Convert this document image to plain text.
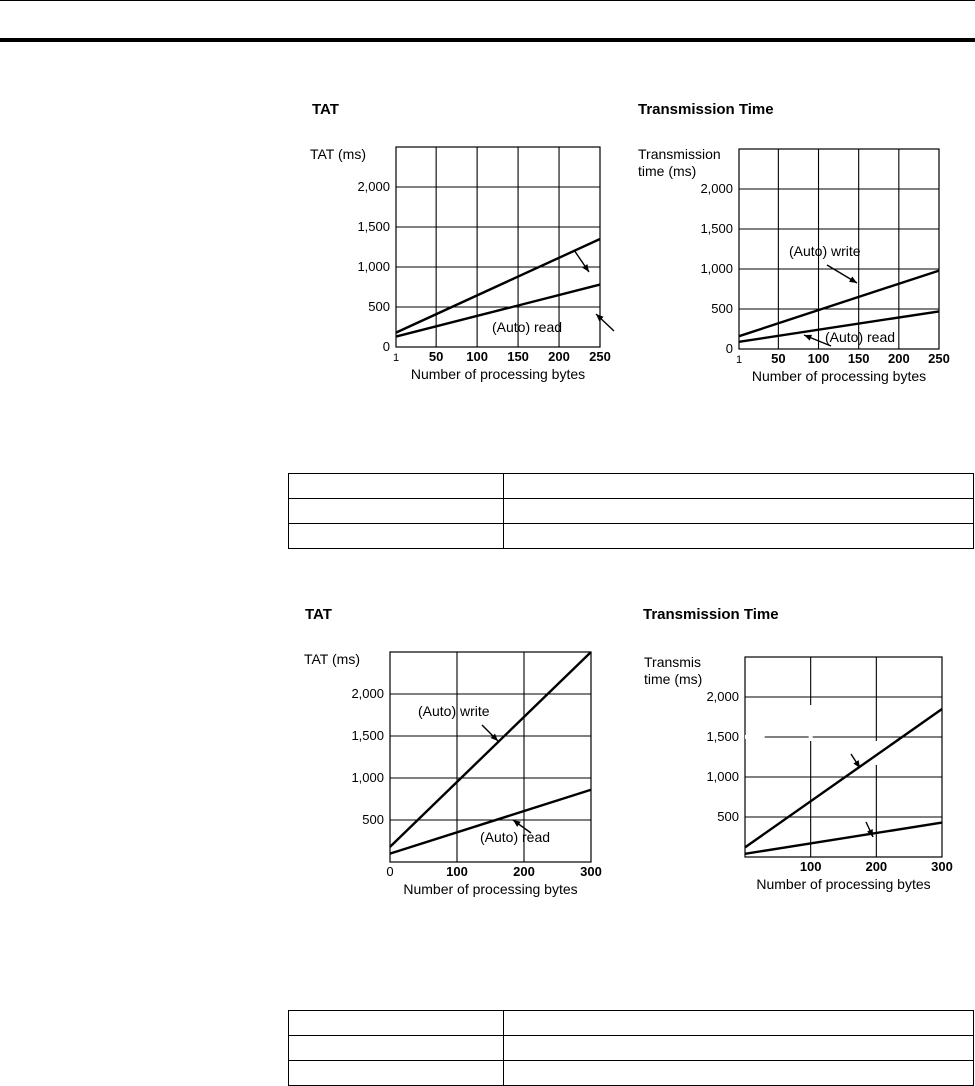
TAT	Transmission Time
0
500
1,000
1,500
2,000
1 50 100 150 200 250
Number of processing bytes
TAT (ms)
(Auto) read
0
500
1,000
1,500
2,000
1 50 100 150 200 250
Number of processing bytes
Transmission
time (ms)
(Auto) write
(Auto) read

TAT	Transmission Time
500
1,000
1,500
2,000
0	100	200	300
Number of processing bytes
TAT (ms)
(Auto) write
(Auto) read
500
1,000
1,500
2,000
100	200	300
Number of processing bytes
Transmis
time (ms)
